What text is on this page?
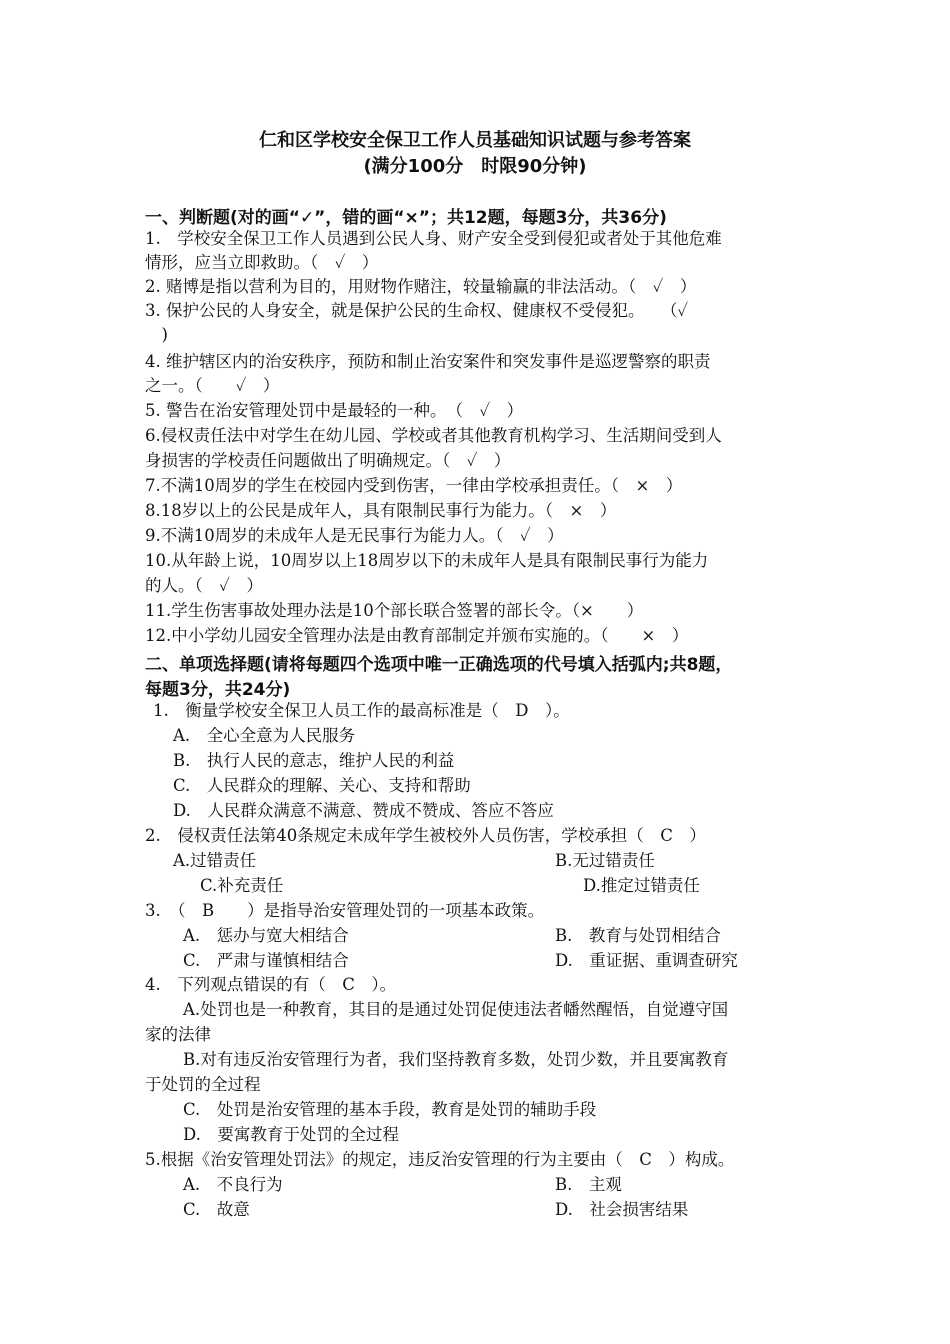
仁和区学校安全保卫工作人员基础知识试题与参考答案
(满分100分　时限90分钟)
一、判断题(对的画“✓”，错的画“×”；共12题，每题3分，共36分)
1.　学校安全保卫工作人员遇到公民人身、财产安全受到侵犯或者处于其他危难
情形，应当立即救助。（　✓　）
2. 赌博是指以营利为目的，用财物作赌注，较量输赢的非法活动。（　✓　）
3. 保护公民的人身安全，就是保护公民的生命权、健康权不受侵犯。　　（✓
　)
4. 维护辖区内的治安秩序，预防和制止治安案件和突发事件是巡逻警察的职责
之一。（　　✓　）
5. 警告在治安管理处罚中是最轻的一种。　（　✓　）
6.侵权责任法中对学生在幼儿园、学校或者其他教育机构学习、生活期间受到人
身损害的学校责任问题做出了明确规定。（　✓　）
7.不满10周岁的学生在校园内受到伤害，一律由学校承担责任。（　×　）
8.18岁以上的公民是成年人，具有限制民事行为能力。（　×　）
9.不满10周岁的未成年人是无民事行为能力人。（　✓　）
10.从年龄上说，10周岁以上18周岁以下的未成年人是具有限制民事行为能力
的人。（　✓　）
11.学生伤害事故处理办法是10个部长联合签署的部长令。（×　　）
12.中小学幼儿园安全管理办法是由教育部制定并颁布实施的。（　　×　）
二、单项选择题(请将每题四个选项中唯一正确选项的代号填入括弧内;共8题，
每题3分，共24分)
1.　衡量学校安全保卫人员工作的最高标准是（　D　）。
A.　全心全意为人民服务
B.　执行人民的意志，维护人民的利益
C.　人民群众的理解、关心、支持和帮助
D.　人民群众满意不满意、赞成不赞成、答应不答应
2.　侵权责任法第40条规定未成年学生被校外人员伤害，学校承担（　C　）
A.过错责任	B.无过错责任
C.补充责任	D.推定过错责任
3.　（　B　　）是指导治安管理处罚的一项基本政策。
A.　惩办与宽大相结合	B.　教育与处罚相结合
C.　严肃与谨慎相结合	D.　重证据、重调查研究
4.　下列观点错误的有（　C　）。
A.处罚也是一种教育，其目的是通过处罚促使违法者幡然醒悟，自觉遵守国
家的法律
B.对有违反治安管理行为者，我们坚持教育多数，处罚少数，并且要寓教育
于处罚的全过程
C.　处罚是治安管理的基本手段，教育是处罚的辅助手段
D.　要寓教育于处罚的全过程
5.根据《治安管理处罚法》的规定，违反治安管理的行为主要由（　C　）构成。
A.　不良行为	B.　主观
C.　故意	D.　社会损害结果
